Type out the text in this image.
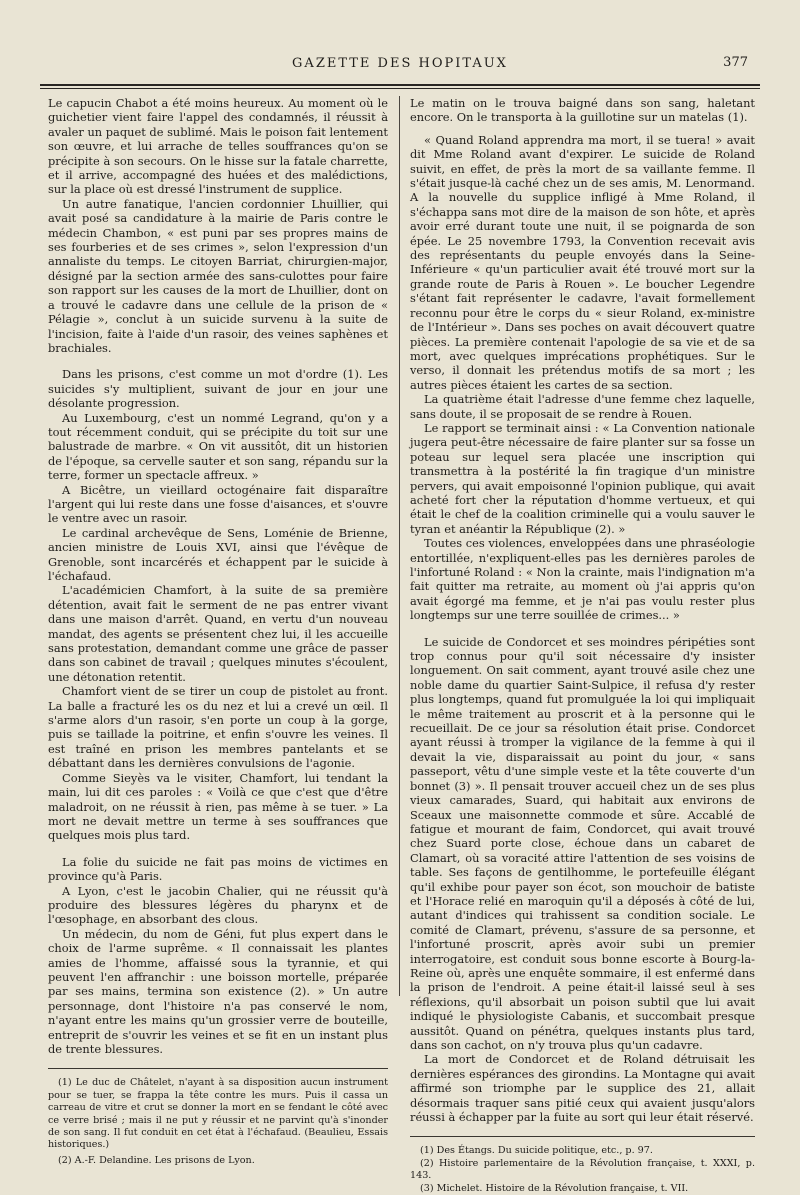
GAZETTE DES HOPITAUX	377

Le capucin Chabot a été moins heureux. Au moment où le guichetier vient faire l'appel des condamnés, il réussit à avaler un paquet de sublimé. Mais le poison fait lentement son œuvre, et lui arrache de telles souffrances qu'on se précipite à son secours. On le hisse sur la fatale charrette, et il arrive, accompagné des huées et des malédictions, sur la place où est dressé l'instrument de supplice.

Un autre fanatique, l'ancien cordonnier Lhuillier, qui avait posé sa candidature à la mairie de Paris contre le médecin Chambon, « est puni par ses propres mains de ses fourberies et de ses crimes », selon l'expression d'un annaliste du temps. Le citoyen Barriat, chirurgien-major, désigné par la section armée des sans-culottes pour faire son rapport sur les causes de la mort de Lhuillier, dont on a trouvé le cadavre dans une cellule de la prison de « Pélagie », conclut à un suicide survenu à la suite de l'incision, faite à l'aide d'un rasoir, des veines saphènes et brachiales.

Dans les prisons, c'est comme un mot d'ordre (1). Les suicides s'y multiplient, suivant de jour en jour une désolante progression.

Au Luxembourg, c'est un nommé Legrand, qu'on y a tout récemment conduit, qui se précipite du toit sur une balustrade de marbre. « On vit aussitôt, dit un historien de l'époque, sa cervelle sauter et son sang, répandu sur la terre, former un spectacle affreux. »

A Bicêtre, un vieillard octogénaire fait disparaître l'argent qui lui reste dans une fosse d'aisances, et s'ouvre le ventre avec un rasoir.

Le cardinal archevêque de Sens, Loménie de Brienne, ancien ministre de Louis XVI, ainsi que l'évêque de Grenoble, sont incarcérés et échappent par le suicide à l'échafaud.

L'académicien Chamfort, à la suite de sa première détention, avait fait le serment de ne pas entrer vivant dans une maison d'arrêt. Quand, en vertu d'un nouveau mandat, des agents se présentent chez lui, il les accueille sans protestation, demandant comme une grâce de passer dans son cabinet de travail ; quelques minutes s'écoulent, une détonation retentit.

Chamfort vient de se tirer un coup de pistolet au front. La balle a fracturé les os du nez et lui a crevé un œil. Il s'arme alors d'un rasoir, s'en porte un coup à la gorge, puis se taillade la poitrine, et enfin s'ouvre les veines. Il est traîné en prison les membres pantelants et se débattant dans les dernières convulsions de l'agonie.

Comme Sieyès va le visiter, Chamfort, lui tendant la main, lui dit ces paroles : « Voilà ce que c'est que d'être maladroit, on ne réussit à rien, pas même à se tuer. » La mort ne devait mettre un terme à ses souffrances que quelques mois plus tard.

La folie du suicide ne fait pas moins de victimes en province qu'à Paris.

A Lyon, c'est le jacobin Chalier, qui ne réussit qu'à produire des blessures légères du pharynx et de l'œsophage, en absorbant des clous.

Un médecin, du nom de Géni, fut plus expert dans le choix de l'arme suprême. « Il connaissait les plantes amies de l'homme, affaissé sous la tyrannie, et qui peuvent l'en affranchir : une boisson mortelle, préparée par ses mains, termina son existence (2). » Un autre personnage, dont l'histoire n'a pas conservé le nom, n'ayant entre les mains qu'un grossier verre de bouteille, entreprit de s'ouvrir les veines et se fit en un instant plus de trente blessures.

(1) Le duc de Châtelet, n'ayant à sa disposition aucun instrument pour se tuer, se frappa la tête contre les murs. Puis il cassa un carreau de vitre et crut se donner la mort en se fendant le côté avec ce verre brisé ; mais il ne put y réussir et ne parvint qu'à s'inonder de son sang. Il fut conduit en cet état à l'échafaud. (Beaulieu, Essais historiques.)

(2) A.-F. Delandine. Les prisons de Lyon.

Le matin on le trouva baigné dans son sang, haletant encore. On le transporta à la guillotine sur un matelas (1).

« Quand Roland apprendra ma mort, il se tuera! » avait dit Mme Roland avant d'expirer. Le suicide de Roland suivit, en effet, de près la mort de sa vaillante femme. Il s'était jusque-là caché chez un de ses amis, M. Lenormand. A la nouvelle du supplice infligé à Mme Roland, il s'échappa sans mot dire de la maison de son hôte, et après avoir erré durant toute une nuit, il se poignarda de son épée. Le 25 novembre 1793, la Convention recevait avis des représentants du peuple envoyés dans la Seine-Inférieure « qu'un particulier avait été trouvé mort sur la grande route de Paris à Rouen ». Le boucher Legendre s'étant fait représenter le cadavre, l'avait formellement reconnu pour être le corps du « sieur Roland, ex-ministre de l'Intérieur ». Dans ses poches on avait découvert quatre pièces. La première contenait l'apologie de sa vie et de sa mort, avec quelques imprécations prophétiques. Sur le verso, il donnait les prétendus motifs de sa mort ; les autres pièces étaient les cartes de sa section.

La quatrième était l'adresse d'une femme chez laquelle, sans doute, il se proposait de se rendre à Rouen.

Le rapport se terminait ainsi : « La Convention nationale jugera peut-être nécessaire de faire planter sur sa fosse un poteau sur lequel sera placée une inscription qui transmettra à la postérité la fin tragique d'un ministre pervers, qui avait empoisonné l'opinion publique, qui avait acheté fort cher la réputation d'homme vertueux, et qui était le chef de la coalition criminelle qui a voulu sauver le tyran et anéantir la République (2). »

Toutes ces violences, enveloppées dans une phraséologie entortillée, n'expliquent-elles pas les dernières paroles de l'infortuné Roland : « Non la crainte, mais l'indignation m'a fait quitter ma retraite, au moment où j'ai appris qu'on avait égorgé ma femme, et je n'ai pas voulu rester plus longtemps sur une terre souillée de crimes... »

Le suicide de Condorcet et ses moindres péripéties sont trop connus pour qu'il soit nécessaire d'y insister longuement. On sait comment, ayant trouvé asile chez une noble dame du quartier Saint-Sulpice, il refusa d'y rester plus longtemps, quand fut promulguée la loi qui impliquait le même traitement au proscrit et à la personne qui le recueillait. De ce jour sa résolution était prise. Condorcet ayant réussi à tromper la vigilance de la femme à qui il devait la vie, disparaissait au point du jour, « sans passeport, vêtu d'une simple veste et la tête couverte d'un bonnet (3) ». Il pensait trouver accueil chez un de ses plus vieux camarades, Suard, qui habitait aux environs de Sceaux une maisonnette commode et sûre. Accablé de fatigue et mourant de faim, Condorcet, qui avait trouvé chez Suard porte close, échoue dans un cabaret de Clamart, où sa voracité attire l'attention de ses voisins de table. Ses façons de gentilhomme, le portefeuille élégant qu'il exhibe pour payer son écot, son mouchoir de batiste et l'Horace relié en maroquin qu'il a déposés à côté de lui, autant d'indices qui trahissent sa condition sociale. Le comité de Clamart, prévenu, s'assure de sa personne, et l'infortuné proscrit, après avoir subi un premier interrogatoire, est conduit sous bonne escorte à Bourg-la-Reine où, après une enquête sommaire, il est enfermé dans la prison de l'endroit. A peine était-il laissé seul à ses réflexions, qu'il absorbait un poison subtil que lui avait indiqué le physiologiste Cabanis, et succombait presque aussitôt. Quand on pénétra, quelques instants plus tard, dans son cachot, on n'y trouva plus qu'un cadavre.

La mort de Condorcet et de Roland détruisait les dernières espérances des girondins. La Montagne qui avait affirmé son triomphe par le supplice des 21, allait désormais traquer sans pitié ceux qui avaient jusqu'alors réussi à échapper par la fuite au sort qui leur était réservé.

(1) Des Étangs. Du suicide politique, etc., p. 97.

(2) Histoire parlementaire de la Révolution française, t. XXXI, p. 143.

(3) Michelet. Histoire de la Révolution française, t. VII.
